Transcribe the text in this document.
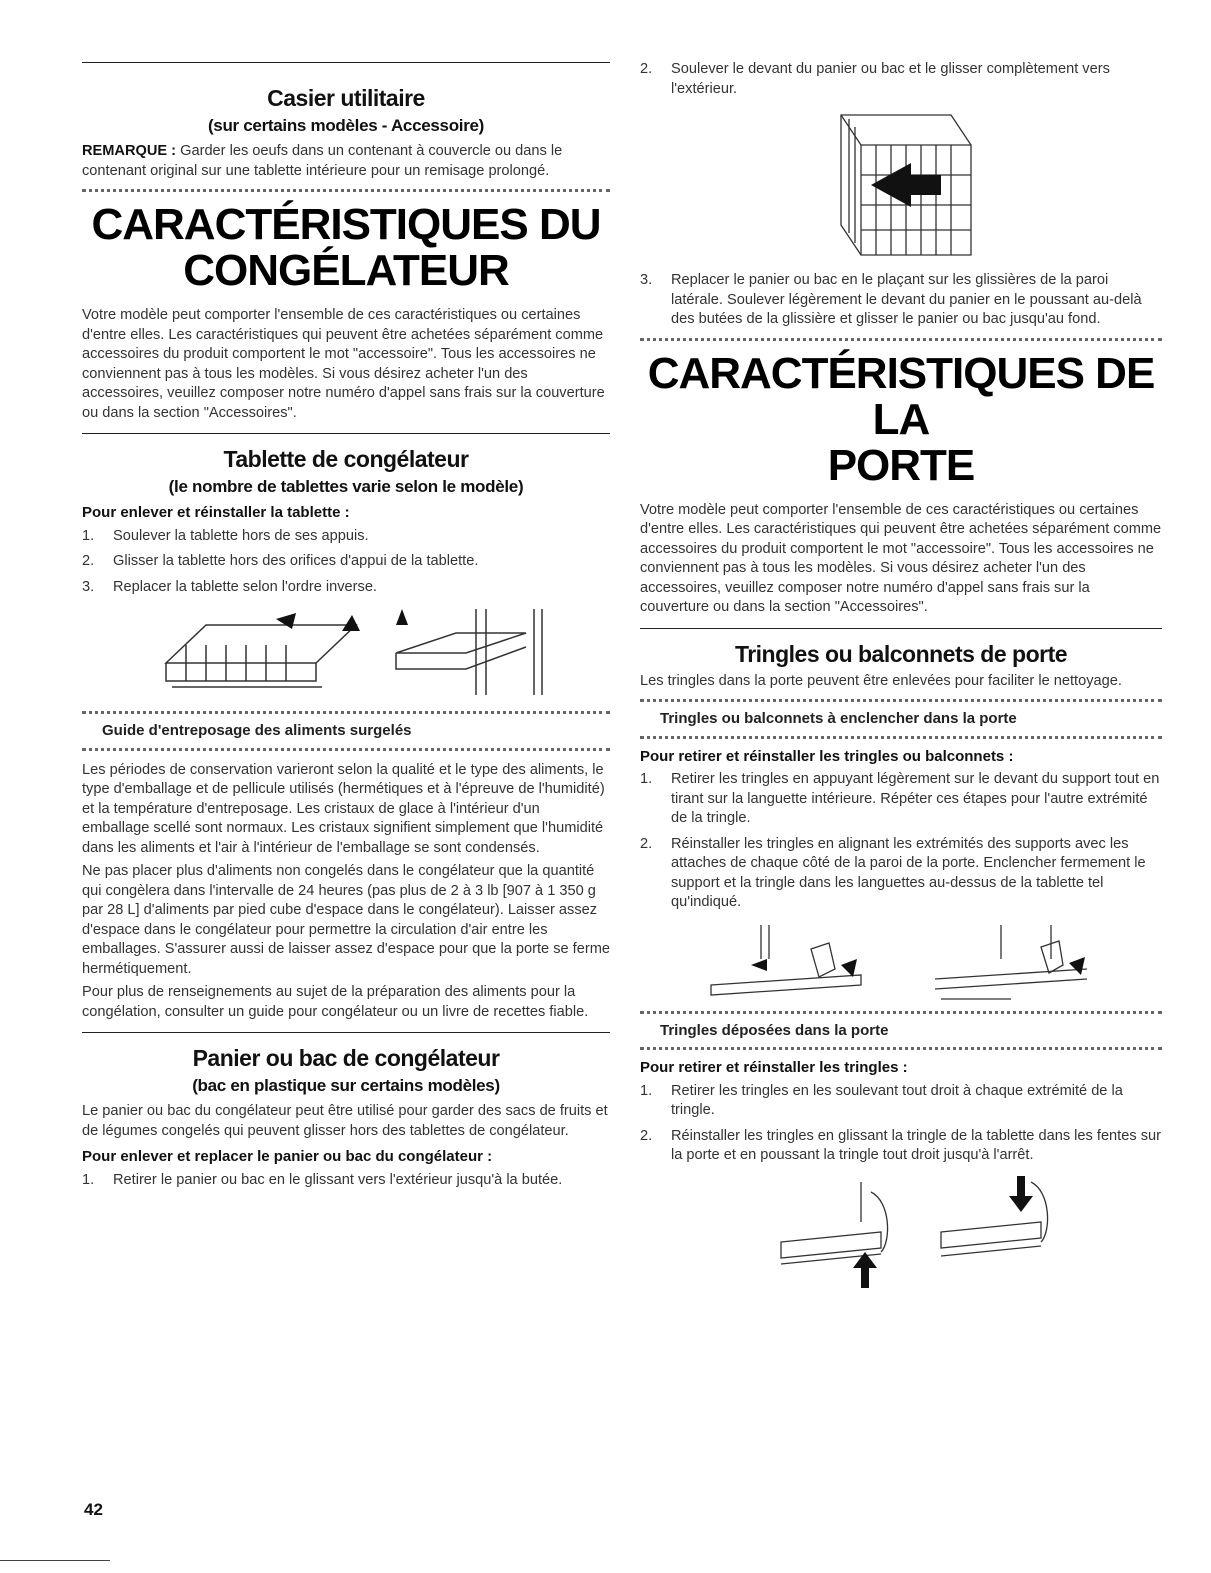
Casier utilitaire
(sur certains modèles - Accessoire)

REMARQUE : Garder les oeufs dans un contenant à couvercle ou dans le contenant original sur une tablette intérieure pour un remisage prolongé.

CARACTÉRISTIQUES DU
CONGÉLATEUR

Votre modèle peut comporter l'ensemble de ces caractéristiques ou certaines d'entre elles. Les caractéristiques qui peuvent être achetées séparément comme accessoires du produit comportent le mot "accessoire". Tous les accessoires ne conviennent pas à tous les modèles. Si vous désirez acheter l'un des accessoires, veuillez composer notre numéro d'appel sans frais sur la couverture ou dans la section "Accessoires".

Tablette de congélateur
(le nombre de tablettes varie selon le modèle)

Pour enlever et réinstaller la tablette :

1. Soulever la tablette hors de ses appuis.
2. Glisser la tablette hors des orifices d'appui de la tablette.
3. Replacer la tablette selon l'ordre inverse.

Guide d'entreposage des aliments surgelés

Les périodes de conservation varieront selon la qualité et le type des aliments, le type d'emballage et de pellicule utilisés (hermétiques et à l'épreuve de l'humidité) et la température d'entreposage. Les cristaux de glace à l'intérieur d'un emballage scellé sont normaux. Les cristaux signifient simplement que l'humidité dans les aliments et l'air à l'intérieur de l'emballage se sont condensés.

Ne pas placer plus d'aliments non congelés dans le congélateur que la quantité qui congèlera dans l'intervalle de 24 heures (pas plus de 2 à 3 lb [907 à 1 350 g par 28 L] d'aliments par pied cube d'espace dans le congélateur). Laisser assez d'espace dans le congélateur pour permettre la circulation d'air entre les emballages. S'assurer aussi de laisser assez d'espace pour que la porte se ferme hermétiquement.

Pour plus de renseignements au sujet de la préparation des aliments pour la congélation, consulter un guide pour congélateur ou un livre de recettes fiable.

Panier ou bac de congélateur
(bac en plastique sur certains modèles)

Le panier ou bac du congélateur peut être utilisé pour garder des sacs de fruits et de légumes congelés qui peuvent glisser hors des tablettes de congélateur.

Pour enlever et replacer le panier ou bac du congélateur :

1. Retirer le panier ou bac en le glissant vers l'extérieur jusqu'à la butée.
2. Soulever le devant du panier ou bac et le glisser complètement vers l'extérieur.
3. Replacer le panier ou bac en le plaçant sur les glissières de la paroi latérale. Soulever légèrement le devant du panier en le poussant au-delà des butées de la glissière et glisser le panier ou bac jusqu'au fond.
CARACTÉRISTIQUES DE LA
PORTE

Votre modèle peut comporter l'ensemble de ces caractéristiques ou certaines d'entre elles. Les caractéristiques qui peuvent être achetées séparément comme accessoires du produit comportent le mot "accessoire". Tous les accessoires ne conviennent pas à tous les modèles. Si vous désirez acheter l'un des accessoires, veuillez composer notre numéro d'appel sans frais sur la couverture ou dans la section "Accessoires".

Tringles ou balconnets de porte

Les tringles dans la porte peuvent être enlevées pour faciliter le nettoyage.

Tringles ou balconnets à enclencher dans la porte

Pour retirer et réinstaller les tringles ou balconnets :

1. Retirer les tringles en appuyant légèrement sur le devant du support tout en tirant sur la languette intérieure. Répéter ces étapes pour l'autre extrémité de la tringle.
2. Réinstaller les tringles en alignant les extrémités des supports avec les attaches de chaque côté de la paroi de la porte. Enclencher fermement le support et la tringle dans les languettes au-dessus de la tablette tel qu'indiqué.

Tringles déposées dans la porte

Pour retirer et réinstaller les tringles :

1. Retirer les tringles en les soulevant tout droit à chaque extrémité de la tringle.
2. Réinstaller les tringles en glissant la tringle de la tablette dans les fentes sur la porte et en poussant la tringle tout droit jusqu'à l'arrêt.
42
